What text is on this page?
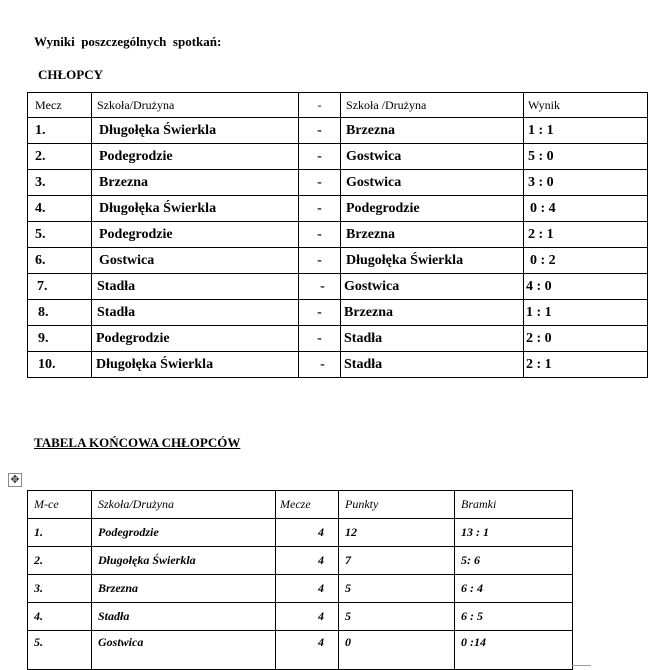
Wyniki  poszczególnych  spotkań:
CHŁOPCY
Mecz	Szkoła/Drużyna	-	Szkoła /Drużyna	Wynik
1.	Długołęka Świerkla	-	Brzezna	1 : 1
2.	Podegrodzie	-	Gostwica	5 : 0
3.	Brzezna	-	Gostwica	3 : 0
4.	Długołęka Świerkla	-	Podegrodzie	0 : 4
5.	Podegrodzie	-	Brzezna	2 : 1
6.	Gostwica	-	Długołęka Świerkla	0 : 2
7.	Stadła	-	Gostwica	4 : 0
8.	Stadła	-	Brzezna	1 : 1
9.	Podegrodzie	-	Stadła	2 : 0
10.	Długołęka Świerkla	-	Stadła	2 : 1
TABELA KOŃCOWA CHŁOPCÓW
✥
M-ce	Szkoła/Drużyna	Mecze	Punkty	Bramki
1.	Podegrodzie	4	12	13 : 1
2.	Długołęka Świerkla	4	7	5: 6
3.	Brzezna	4	5	6 : 4
4.	Stadła	4	5	6 : 5
5.	Gostwica	4	0	0 :14
